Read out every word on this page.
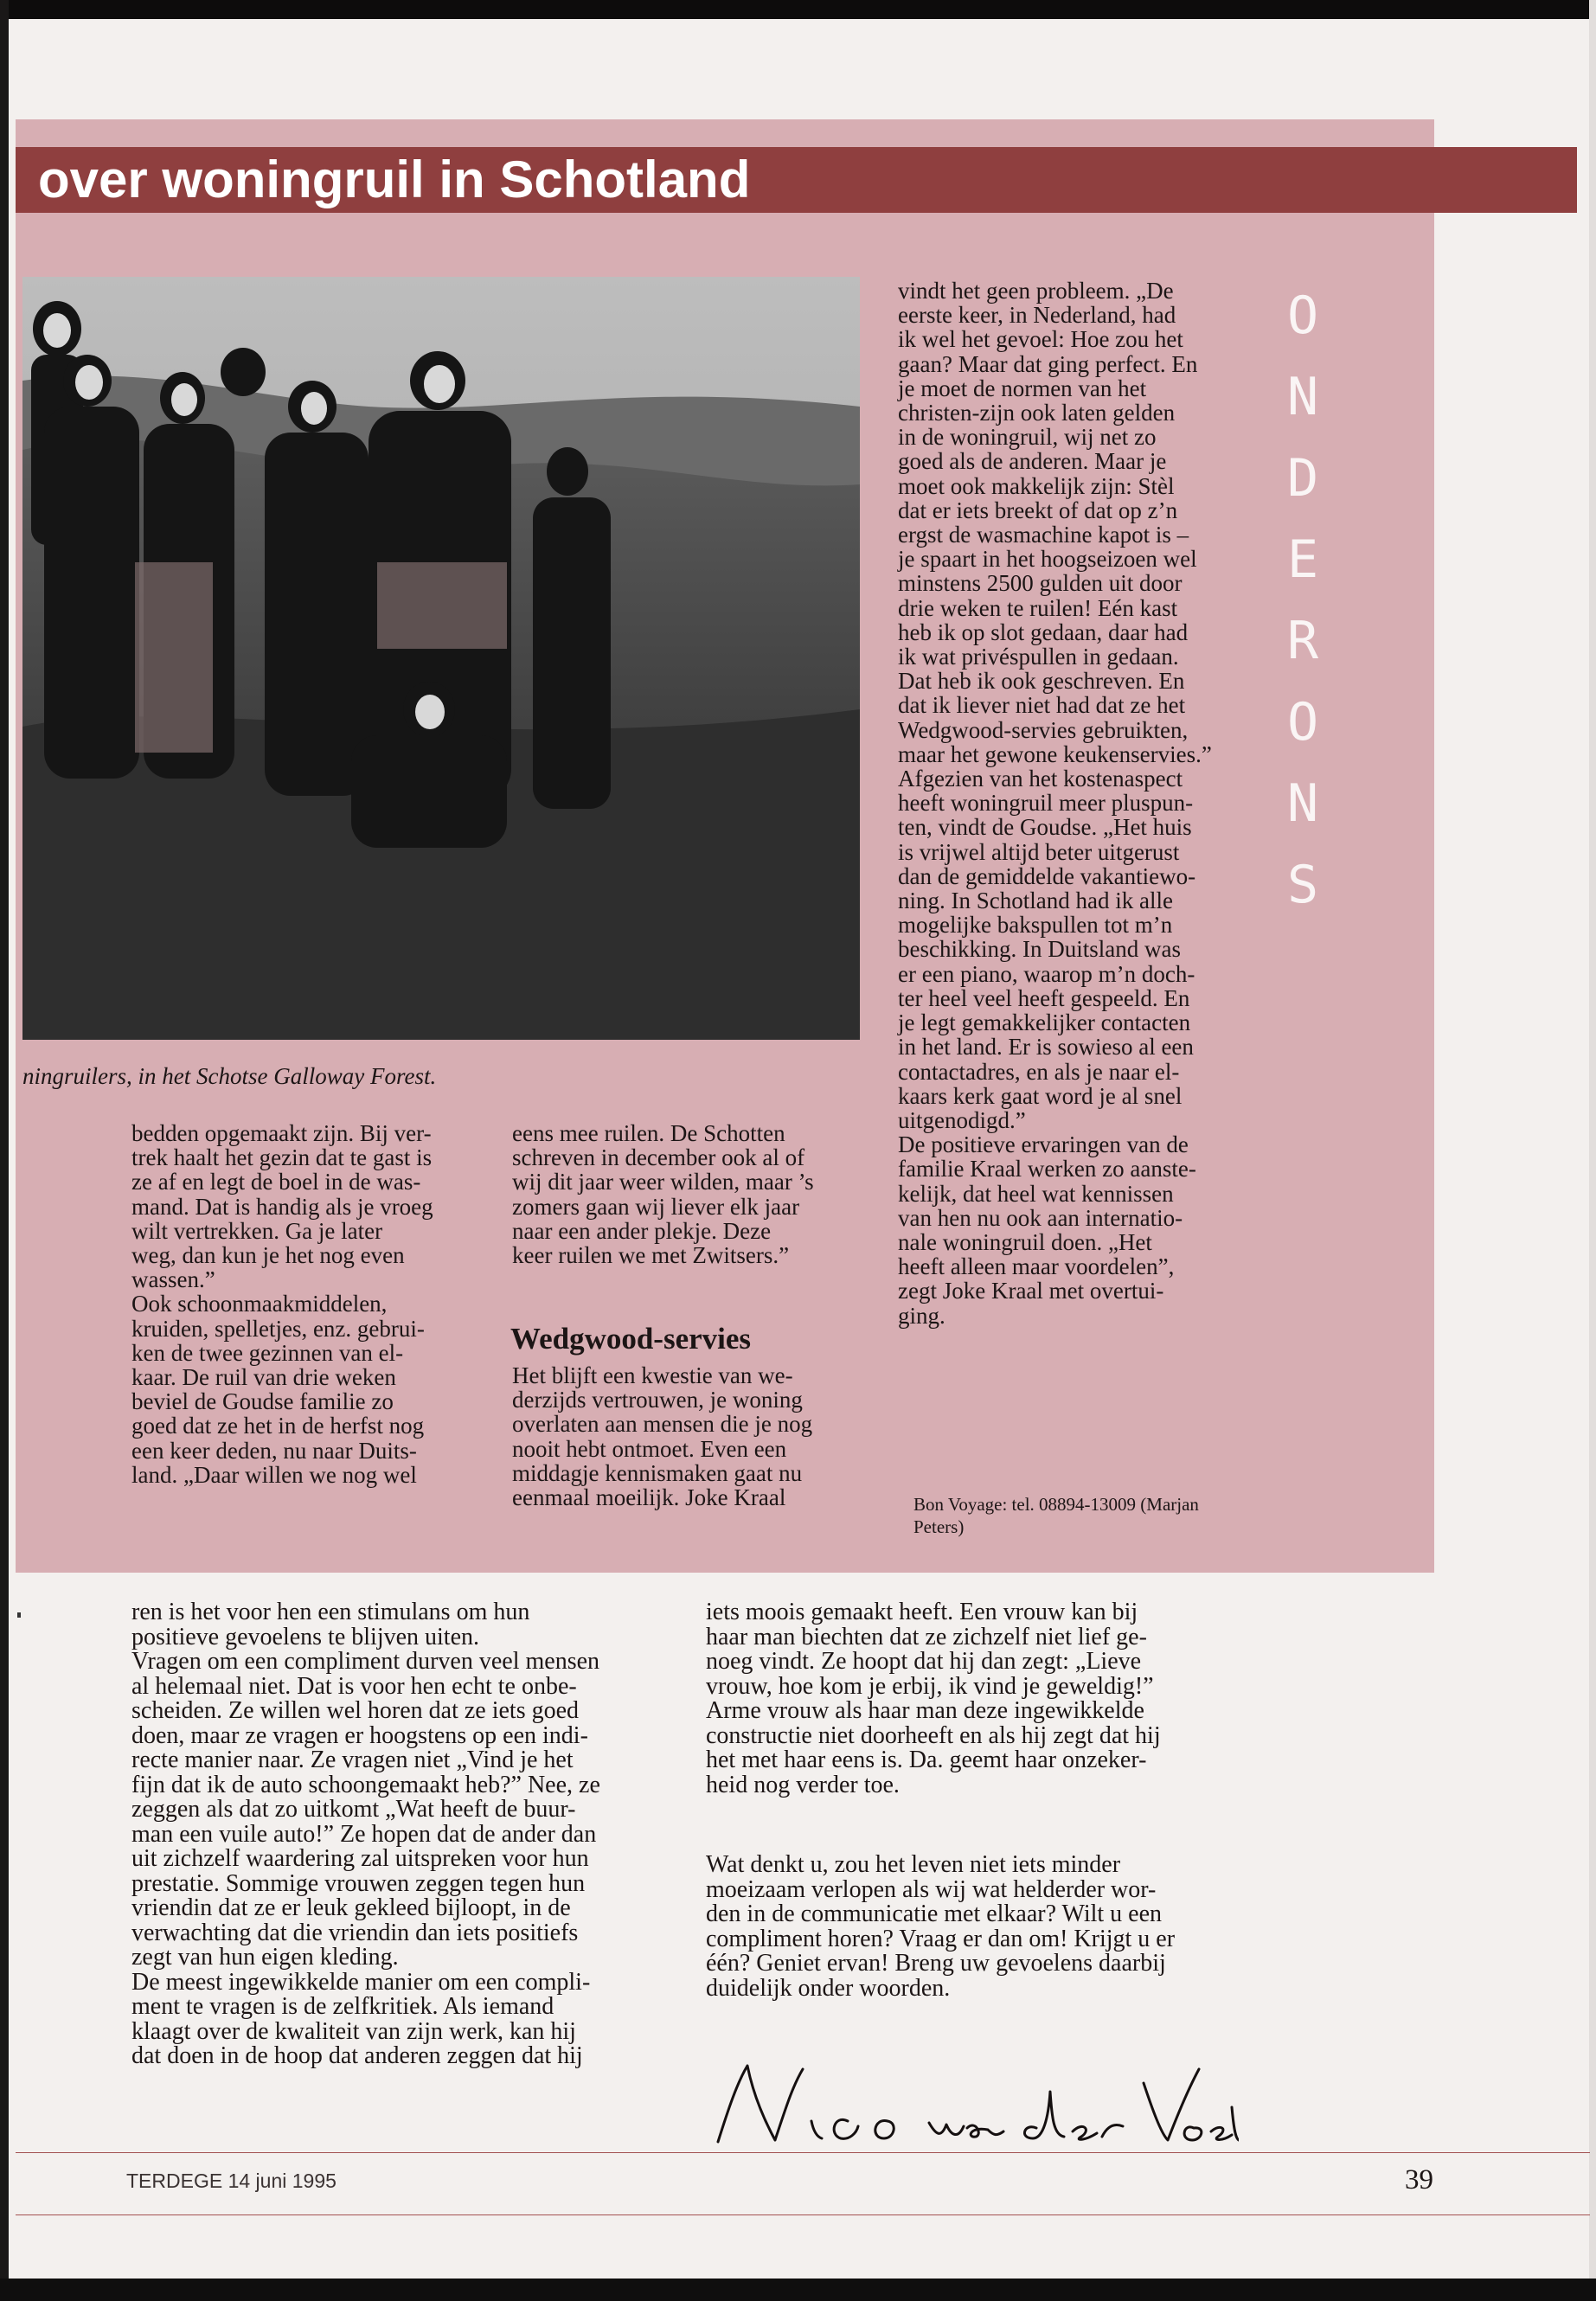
over woningruil in Schotland
ningruilers, in het Schotse Galloway Forest.
bedden opgemaakt zijn. Bij ver-
trek haalt het gezin dat te gast is
ze af en legt de boel in de was-
mand. Dat is handig als je vroeg
wilt vertrekken. Ga je later
weg, dan kun je het nog even
wassen.”
Ook schoonmaakmiddelen,
kruiden, spelletjes, enz. gebrui-
ken de twee gezinnen van el-
kaar. De ruil van drie weken
beviel de Goudse familie zo
goed dat ze het in de herfst nog
een keer deden, nu naar Duits-
land. „Daar willen we nog wel
eens mee ruilen. De Schotten
schreven in december ook al of
wij dit jaar weer wilden, maar ’s
zomers gaan wij liever elk jaar
naar een ander plekje. Deze
keer ruilen we met Zwitsers.”
Wedgwood-servies
Het blijft een kwestie van we-
derzijds vertrouwen, je woning
overlaten aan mensen die je nog
nooit hebt ontmoet. Even een
middagje kennismaken gaat nu
eenmaal moeilijk. Joke Kraal
vindt het geen probleem. „De
eerste keer, in Nederland, had
ik wel het gevoel: Hoe zou het
gaan? Maar dat ging perfect. En
je moet de normen van het
christen-zijn ook laten gelden
in de woningruil, wij net zo
goed als de anderen. Maar je
moet ook makkelijk zijn: Stèl
dat er iets breekt of dat op z’n
ergst de wasmachine kapot is –
je spaart in het hoogseizoen wel
minstens 2500 gulden uit door
drie weken te ruilen! Eén kast
heb ik op slot gedaan, daar had
ik wat privéspullen in gedaan.
Dat heb ik ook geschreven. En
dat ik liever niet had dat ze het
Wedgwood-servies gebruikten,
maar het gewone keukenservies.”
Afgezien van het kostenaspect
heeft woningruil meer pluspun-
ten, vindt de Goudse. „Het huis
is vrijwel altijd beter uitgerust
dan de gemiddelde vakantiewo-
ning. In Schotland had ik alle
mogelijke bakspullen tot m’n
beschikking. In Duitsland was
er een piano, waarop m’n doch-
ter heel veel heeft gespeeld. En
je legt gemakkelijker contacten
in het land. Er is sowieso al een
contactadres, en als je naar el-
kaars kerk gaat word je al snel
uitgenodigd.”
De positieve ervaringen van de
familie Kraal werken zo aanste-
kelijk, dat heel wat kennissen
van hen nu ook aan internatio-
nale woningruil doen. „Het
heeft alleen maar voordelen”,
zegt Joke Kraal met overtui-
ging.
Bon Voyage: tel. 08894-13009 (Marjan
Peters)
O
N
D
E
R
O
N
S
ren is het voor hen een stimulans om hun
positieve gevoelens te blijven uiten.
Vragen om een compliment durven veel mensen
al helemaal niet. Dat is voor hen echt te onbe-
scheiden. Ze willen wel horen dat ze iets goed
doen, maar ze vragen er hoogstens op een indi-
recte manier naar. Ze vragen niet „Vind je het
fijn dat ik de auto schoongemaakt heb?” Nee, ze
zeggen als dat zo uitkomt „Wat heeft de buur-
man een vuile auto!” Ze hopen dat de ander dan
uit zichzelf waardering zal uitspreken voor hun
prestatie. Sommige vrouwen zeggen tegen hun
vriendin dat ze er leuk gekleed bijloopt, in de
verwachting dat die vriendin dan iets positiefs
zegt van hun eigen kleding.
De meest ingewikkelde manier om een compli-
ment te vragen is de zelfkritiek. Als iemand
klaagt over de kwaliteit van zijn werk, kan hij
dat doen in de hoop dat anderen zeggen dat hij
iets moois gemaakt heeft. Een vrouw kan bij
haar man biechten dat ze zichzelf niet lief ge-
noeg vindt. Ze hoopt dat hij dan zegt: „Lieve
vrouw, hoe kom je erbij, ik vind je geweldig!”
Arme vrouw als haar man deze ingewikkelde
constructie niet doorheeft en als hij zegt dat hij
het met haar eens is. Da. geemt haar onzeker-
heid nog verder toe.
Wat denkt u, zou het leven niet iets minder
moeizaam verlopen als wij wat helderder wor-
den in de communicatie met elkaar? Wilt u een
compliment horen? Vraag er dan om! Krijgt u er
één? Geniet ervan! Breng uw gevoelens daarbij
duidelijk onder woorden.
TERDEGE 14 juni 1995	39
